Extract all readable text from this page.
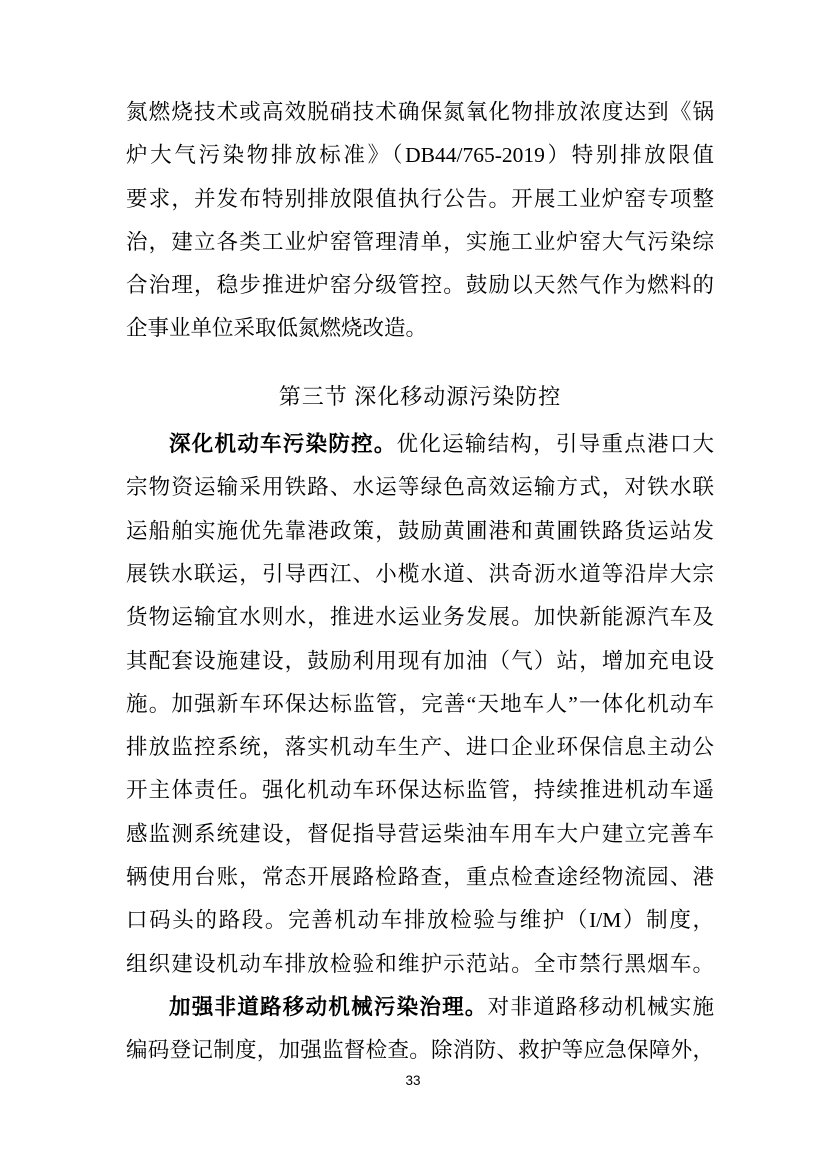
氮燃烧技术或高效脱硝技术确保氮氧化物排放浓度达到《锅
炉大气污染物排放标准》（DB44/765-2019）特别排放限值
要求，并发布特别排放限值执行公告。开展工业炉窑专项整
治，建立各类工业炉窑管理清单，实施工业炉窑大气污染综
合治理，稳步推进炉窑分级管控。鼓励以天然气作为燃料的
企事业单位采取低氮燃烧改造。
第三节 深化移动源污染防控
深化机动车污染防控。优化运输结构，引导重点港口大
宗物资运输采用铁路、水运等绿色高效运输方式，对铁水联
运船舶实施优先靠港政策，鼓励黄圃港和黄圃铁路货运站发
展铁水联运，引导西江、小榄水道、洪奇沥水道等沿岸大宗
货物运输宜水则水，推进水运业务发展。加快新能源汽车及
其配套设施建设，鼓励利用现有加油（气）站，增加充电设
施。加强新车环保达标监管，完善“天地车人”一体化机动车
排放监控系统，落实机动车生产、进口企业环保信息主动公
开主体责任。强化机动车环保达标监管，持续推进机动车遥
感监测系统建设，督促指导营运柴油车用车大户建立完善车
辆使用台账，常态开展路检路查，重点检查途经物流园、港
口码头的路段。完善机动车排放检验与维护（I/M）制度，
组织建设机动车排放检验和维护示范站。全市禁行黑烟车。
加强非道路移动机械污染治理。对非道路移动机械实施
编码登记制度，加强监督检查。除消防、救护等应急保障外，
33
